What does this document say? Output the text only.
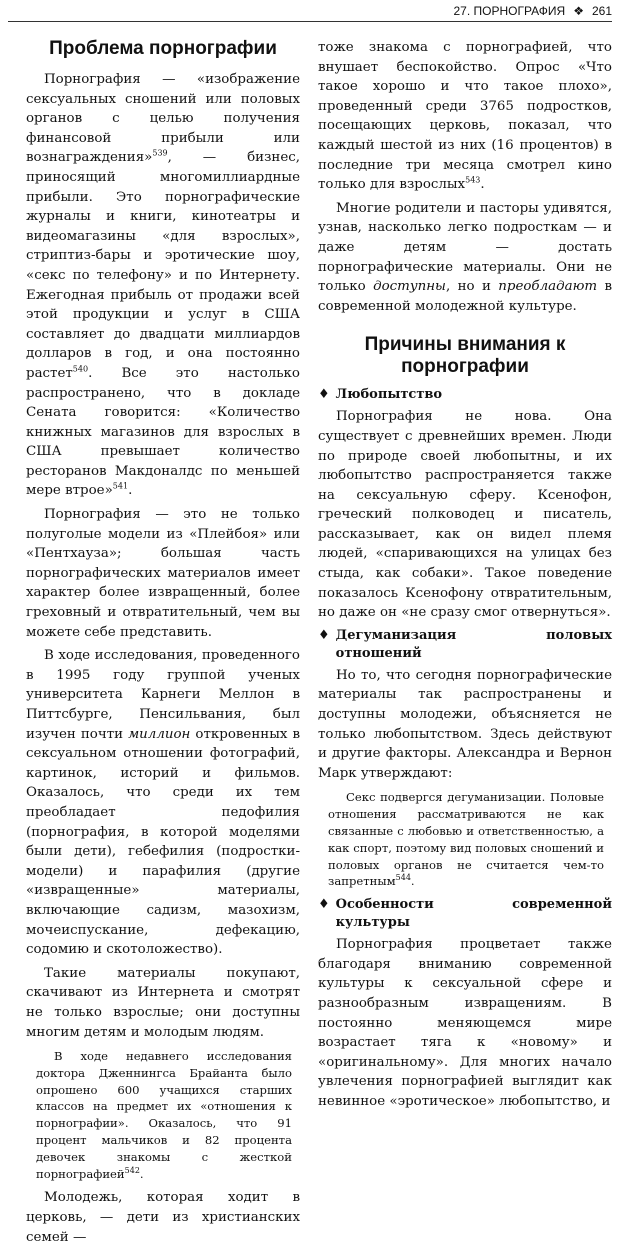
27. ПОРНОГРАФИЯ ❖ 261
Проблема порнографии

Порнография — «изображение сексуальных сношений или половых органов с целью получения финансовой прибыли или вознаграждения»$^{539}$, — бизнес, приносящий многомиллиардные прибыли. Это порнографические журналы и книги, кинотеатры и видеомагазины «для взрослых», стриптиз-бары и эротические шоу, «секс по телефону» и по Интернету. Ежегодная прибыль от продажи всей этой продукции и услуг в США составляет до двадцати миллиардов долларов в год, и она постоянно растет$^{540}$. Все это настолько распространено, что в докладе Сената говорится: «Количество книжных магазинов для взрослых в США превышает количество ресторанов Макдоналдс по меньшей мере втрое»$^{541}$.

Порнография — это не только полуголые модели из «Плейбоя» или «Пентхауза»; большая часть порнографических материалов имеет характер более извращенный, более греховный и отвратительный, чем вы можете себе представить.

В ходе исследования, проведенного в 1995 году группой ученых университета Карнеги Меллон в Питтсбурге, Пенсильвания, был изучен почти миллион откровенных в сексуальном отношении фотографий, картинок, историй и фильмов. Оказалось, что среди их тем преобладает педофилия (порнография, в которой моделями были дети), гебефилия (подростки-модели) и парафилия (другие «извращенные» материалы, включающие садизм, мазохизм, мочеиспускание, дефекацию, содомию и скотоложество).

Такие материалы покупают, скачивают из Интернета и смотрят не только взрослые; они доступны многим детям и молодым людям.

В ходе недавнего исследования доктора Дженнингса Брайанта было опрошено 600 учащихся старших классов на предмет их «отношения к порнографии». Оказалось, что 91 процент мальчиков и 82 процента девочек знакомы с жесткой порнографией$^{542}$.

Молодежь, которая ходит в церковь, — дети из христианских семей —

тоже знакома с порнографией, что внушает беспокойство. Опрос «Что такое хорошо и что такое плохо», проведенный среди 3765 подростков, посещающих церковь, показал, что каждый шестой из них (16 процентов) в последние три месяца смотрел кино только для взрослых$^{543}$.

Многие родители и пасторы удивятся, узнав, насколько легко подросткам — и даже детям — достать порнографические материалы. Они не только доступны, но и преобладают в современной молодежной культуре.

Причины внимания к порнографии
♦ Любопытство

Порнография не нова. Она существует с древнейших времен. Люди по природе своей любопытны, и их любопытство распространяется также на сексуальную сферу. Ксенофон, греческий полководец и писатель, рассказывает, как он видел племя людей, «спаривающихся на улицах без стыда, как собаки». Такое поведение показалось Ксенофону отвратительным, но даже он «не сразу смог отвернуться».

♦ Дегуманизация половых отношений

Но то, что сегодня порнографические материалы так распространены и доступны молодежи, объясняется не только любопытством. Здесь действуют и другие факторы. Александра и Вернон Марк утверждают:

Секс подвергся дегуманизации. Половые отношения рассматриваются не как связанные с любовью и ответственностью, а как спорт, поэтому вид половых сношений и половых органов не считается чем-то запретным$^{544}$.

♦ Особенности современной культуры

Порнография процветает также благодаря вниманию современной культуры к сексуальной сфере и разнообразным извращениям. В постоянно меняющемся мире возрастает тяга к «новому» и «оригинальному». Для многих начало увлечения порнографией выглядит как невинное «эротическое» любопытство, и
